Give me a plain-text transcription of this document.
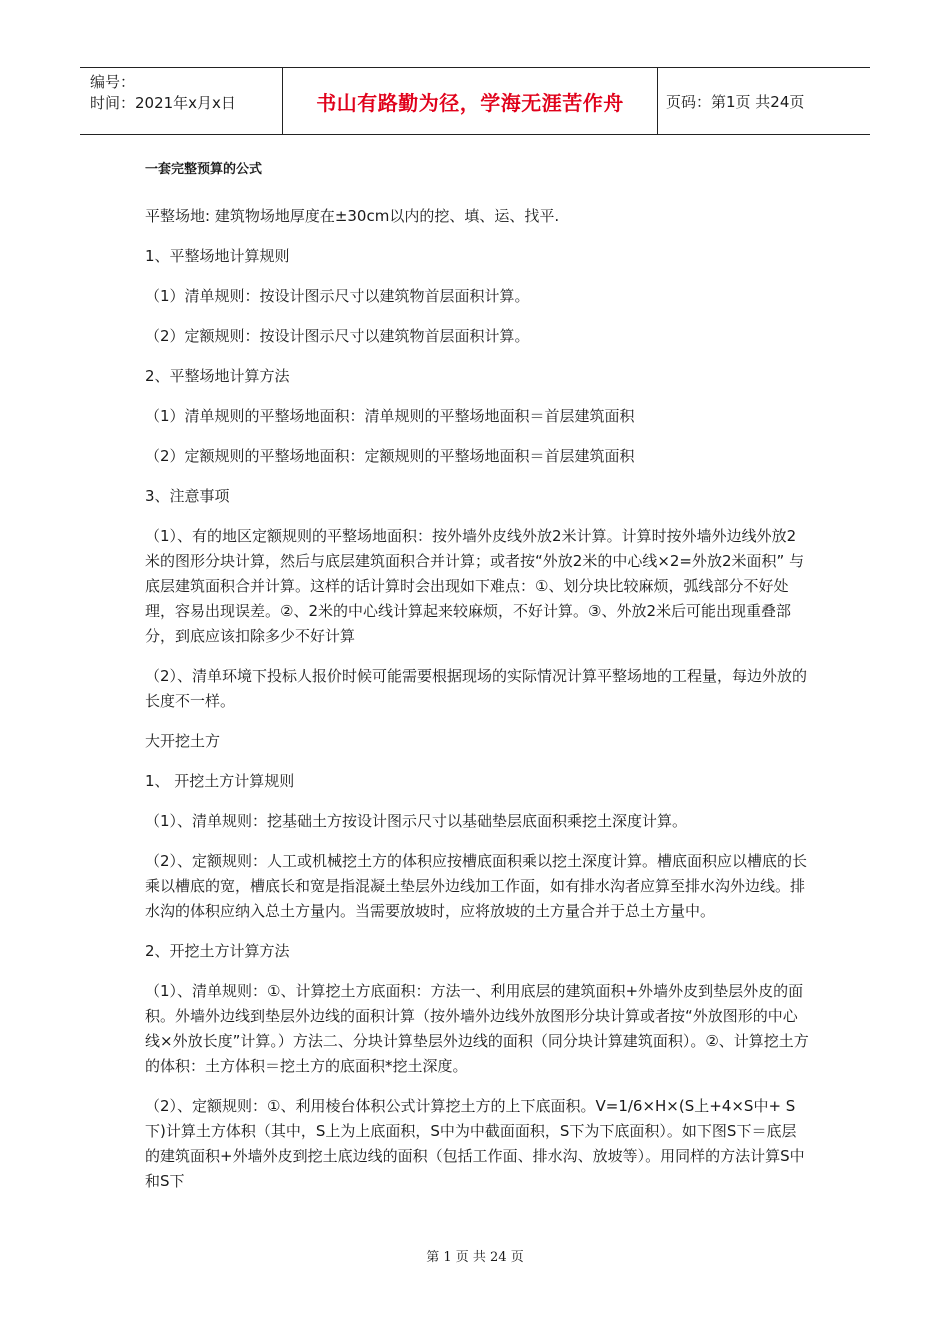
编号：
时间：2021年x月x日	书山有路勤为径，学海无涯苦作舟	页码：第1页 共24页
一套完整预算的公式

平整场地: 建筑物场地厚度在±30cm以内的挖、填、运、找平.

1、平整场地计算规则

（1）清单规则：按设计图示尺寸以建筑物首层面积计算。

（2）定额规则：按设计图示尺寸以建筑物首层面积计算。

2、平整场地计算方法

（1）清单规则的平整场地面积：清单规则的平整场地面积＝首层建筑面积

（2）定额规则的平整场地面积：定额规则的平整场地面积＝首层建筑面积

3、注意事项

（1）、有的地区定额规则的平整场地面积：按外墙外皮线外放2米计算。计算时按外墙外边线外放2米的图形分块计算，然后与底层建筑面积合并计算；或者按“外放2米的中心线×2=外放2米面积” 与底层建筑面积合并计算。这样的话计算时会出现如下难点：①、划分块比较麻烦，弧线部分不好处理，容易出现误差。②、2米的中心线计算起来较麻烦，不好计算。③、外放2米后可能出现重叠部分，到底应该扣除多少不好计算

（2）、清单环境下投标人报价时候可能需要根据现场的实际情况计算平整场地的工程量，每边外放的长度不一样。

大开挖土方

1、 开挖土方计算规则

（1）、清单规则：挖基础土方按设计图示尺寸以基础垫层底面积乘挖土深度计算。

（2）、定额规则：人工或机械挖土方的体积应按槽底面积乘以挖土深度计算。槽底面积应以槽底的长乘以槽底的宽，槽底长和宽是指混凝土垫层外边线加工作面，如有排水沟者应算至排水沟外边线。排水沟的体积应纳入总土方量内。当需要放坡时，应将放坡的土方量合并于总土方量中。

2、开挖土方计算方法

（1）、清单规则：①、计算挖土方底面积：方法一、利用底层的建筑面积+外墙外皮到垫层外皮的面积。外墙外边线到垫层外边线的面积计算（按外墙外边线外放图形分块计算或者按“外放图形的中心线×外放长度”计算。）方法二、分块计算垫层外边线的面积（同分块计算建筑面积）。②、计算挖土方的体积：土方体积＝挖土方的底面积*挖土深度。

（2）、定额规则：①、利用棱台体积公式计算挖土方的上下底面积。V=1/6×H×(S上+4×S中+ S下)计算土方体积（其中，S上为上底面积，S中为中截面面积，S下为下底面积）。如下图S下＝底层的建筑面积+外墙外皮到挖土底边线的面积（包括工作面、排水沟、放坡等）。用同样的方法计算S中和S下

第 1 页 共 24 页
